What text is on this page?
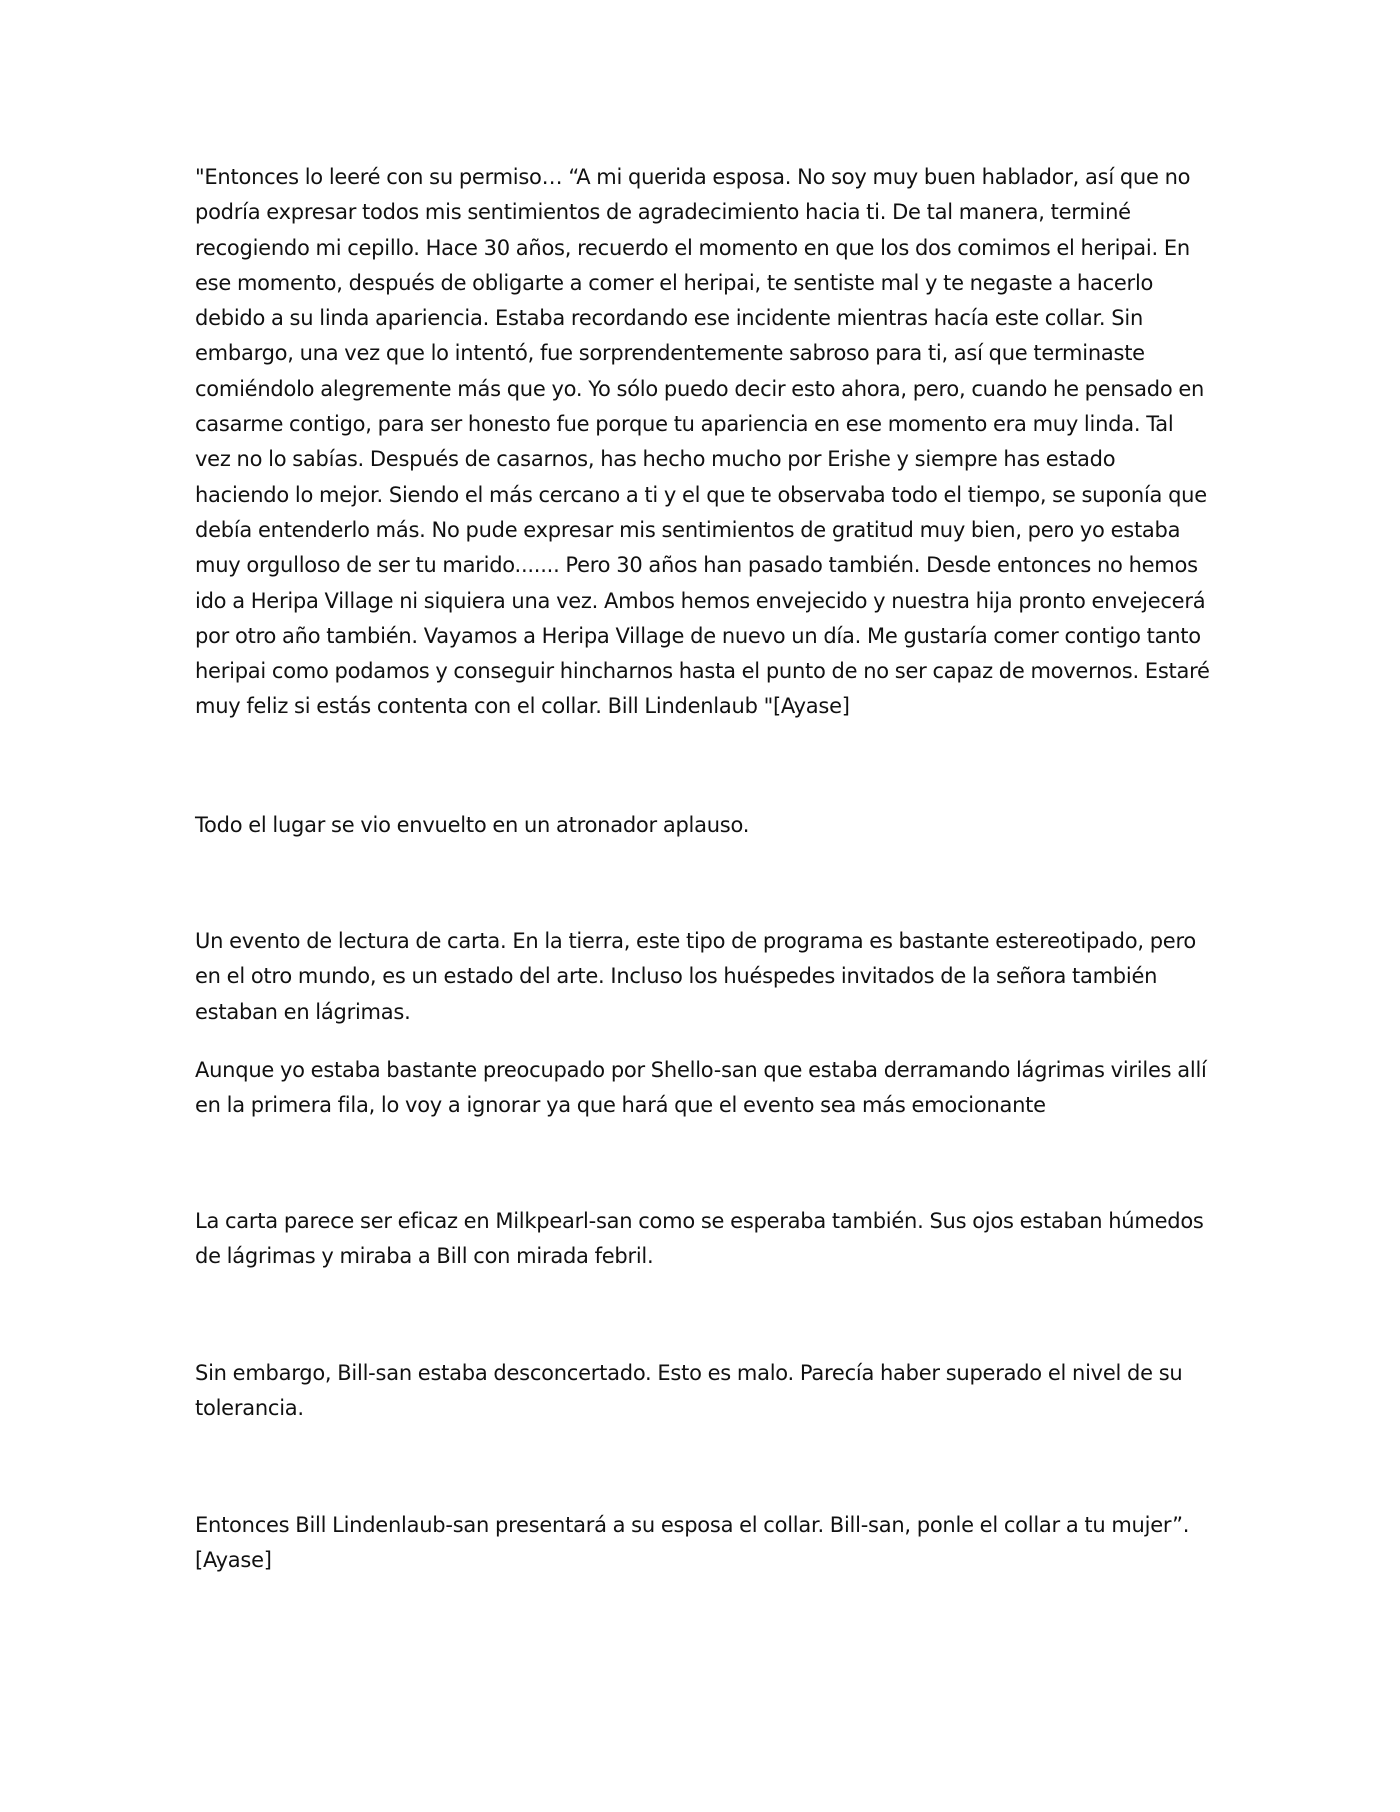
"Entonces lo leeré con su permiso… “A mi querida esposa. No soy muy buen hablador, así que no podría expresar todos mis sentimientos de agradecimiento hacia ti. De tal manera, terminé recogiendo mi cepillo. Hace 30 años, recuerdo el momento en que los dos comimos el heripai. En ese momento, después de obligarte a comer el heripai, te sentiste mal y te negaste a hacerlo debido a su linda apariencia. Estaba recordando ese incidente mientras hacía este collar. Sin embargo, una vez que lo intentó, fue sorprendentemente sabroso para ti, así que terminaste comiéndolo alegremente más que yo. Yo sólo puedo decir esto ahora, pero, cuando he pensado en casarme contigo, para ser honesto fue porque tu apariencia en ese momento era muy linda. Tal vez no lo sabías. Después de casarnos, has hecho mucho por Erishe y siempre has estado haciendo lo mejor. Siendo el más cercano a ti y el que te observaba todo el tiempo, se suponía que debía entenderlo más. No pude expresar mis sentimientos de gratitud muy bien, pero yo estaba muy orgulloso de ser tu marido....... Pero 30 años han pasado también. Desde entonces no hemos ido a Heripa Village ni siquiera una vez. Ambos hemos envejecido y nuestra hija pronto envejecerá por otro año también. Vayamos a Heripa Village de nuevo un día. Me gustaría comer contigo tanto heripai como podamos y conseguir hincharnos hasta el punto de no ser capaz de movernos. Estaré muy feliz si estás contenta con el collar. Bill Lindenlaub "[Ayase]

Todo el lugar se vio envuelto en un atronador aplauso.

Un evento de lectura de carta. En la tierra, este tipo de programa es bastante estereotipado, pero en el otro mundo, es un estado del arte. Incluso los huéspedes invitados de la señora también estaban en lágrimas.

Aunque yo estaba bastante preocupado por Shello-san que estaba derramando lágrimas viriles allí en la primera fila, lo voy a ignorar ya que hará que el evento sea más emocionante

La carta parece ser eficaz en Milkpearl-san como se esperaba también. Sus ojos estaban húmedos de lágrimas y miraba a Bill con mirada febril.

Sin embargo, Bill-san estaba desconcertado. Esto es malo. Parecía haber superado el nivel de su tolerancia.

Entonces Bill Lindenlaub-san presentará a su esposa el collar. Bill-san, ponle el collar a tu mujer”. [Ayase]
